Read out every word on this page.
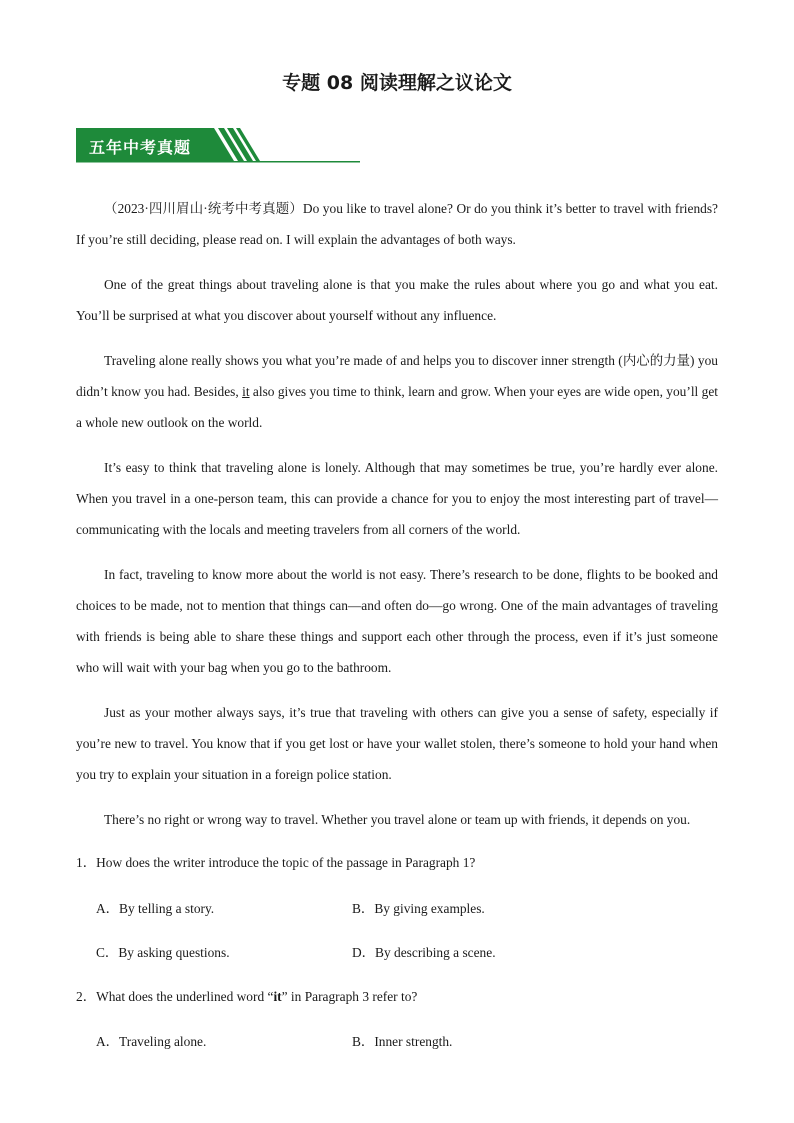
专题 08 阅读理解之议论文
五年中考真题

（2023·四川眉山·统考中考真题）Do you like to travel alone? Or do you think it’s better to travel with friends? If you’re still deciding, please read on. I will explain the advantages of both ways.

One of the great things about traveling alone is that you make the rules about where you go and what you eat. You’ll be surprised at what you discover about yourself without any influence.

Traveling alone really shows you what you’re made of and helps you to discover inner strength (内心的力量) you didn’t know you had. Besides, it also gives you time to think, learn and grow. When your eyes are wide open, you’ll get a whole new outlook on the world.

It’s easy to think that traveling alone is lonely. Although that may sometimes be true, you’re hardly ever alone. When you travel in a one-person team, this can provide a chance for you to enjoy the most interesting part of travel—communicating with the locals and meeting travelers from all corners of the world.

In fact, traveling to know more about the world is not easy. There’s research to be done, flights to be booked and choices to be made, not to mention that things can—and often do—go wrong. One of the main advantages of traveling with friends is being able to share these things and support each other through the process, even if it’s just someone who will wait with your bag when you go to the bathroom.

Just as your mother always says, it’s true that traveling with others can give you a sense of safety, especially if you’re new to travel. You know that if you get lost or have your wallet stolen, there’s someone to hold your hand when you try to explain your situation in a foreign police station.

There’s no right or wrong way to travel. Whether you travel alone or team up with friends, it depends on you.

1．How does the writer introduce the topic of the passage in Paragraph 1?
A．By telling a story.	B．By giving examples.
C．By asking questions.	D．By describing a scene.
2．What does the underlined word “it” in Paragraph 3 refer to?
A．Traveling alone.	B．Inner strength.
